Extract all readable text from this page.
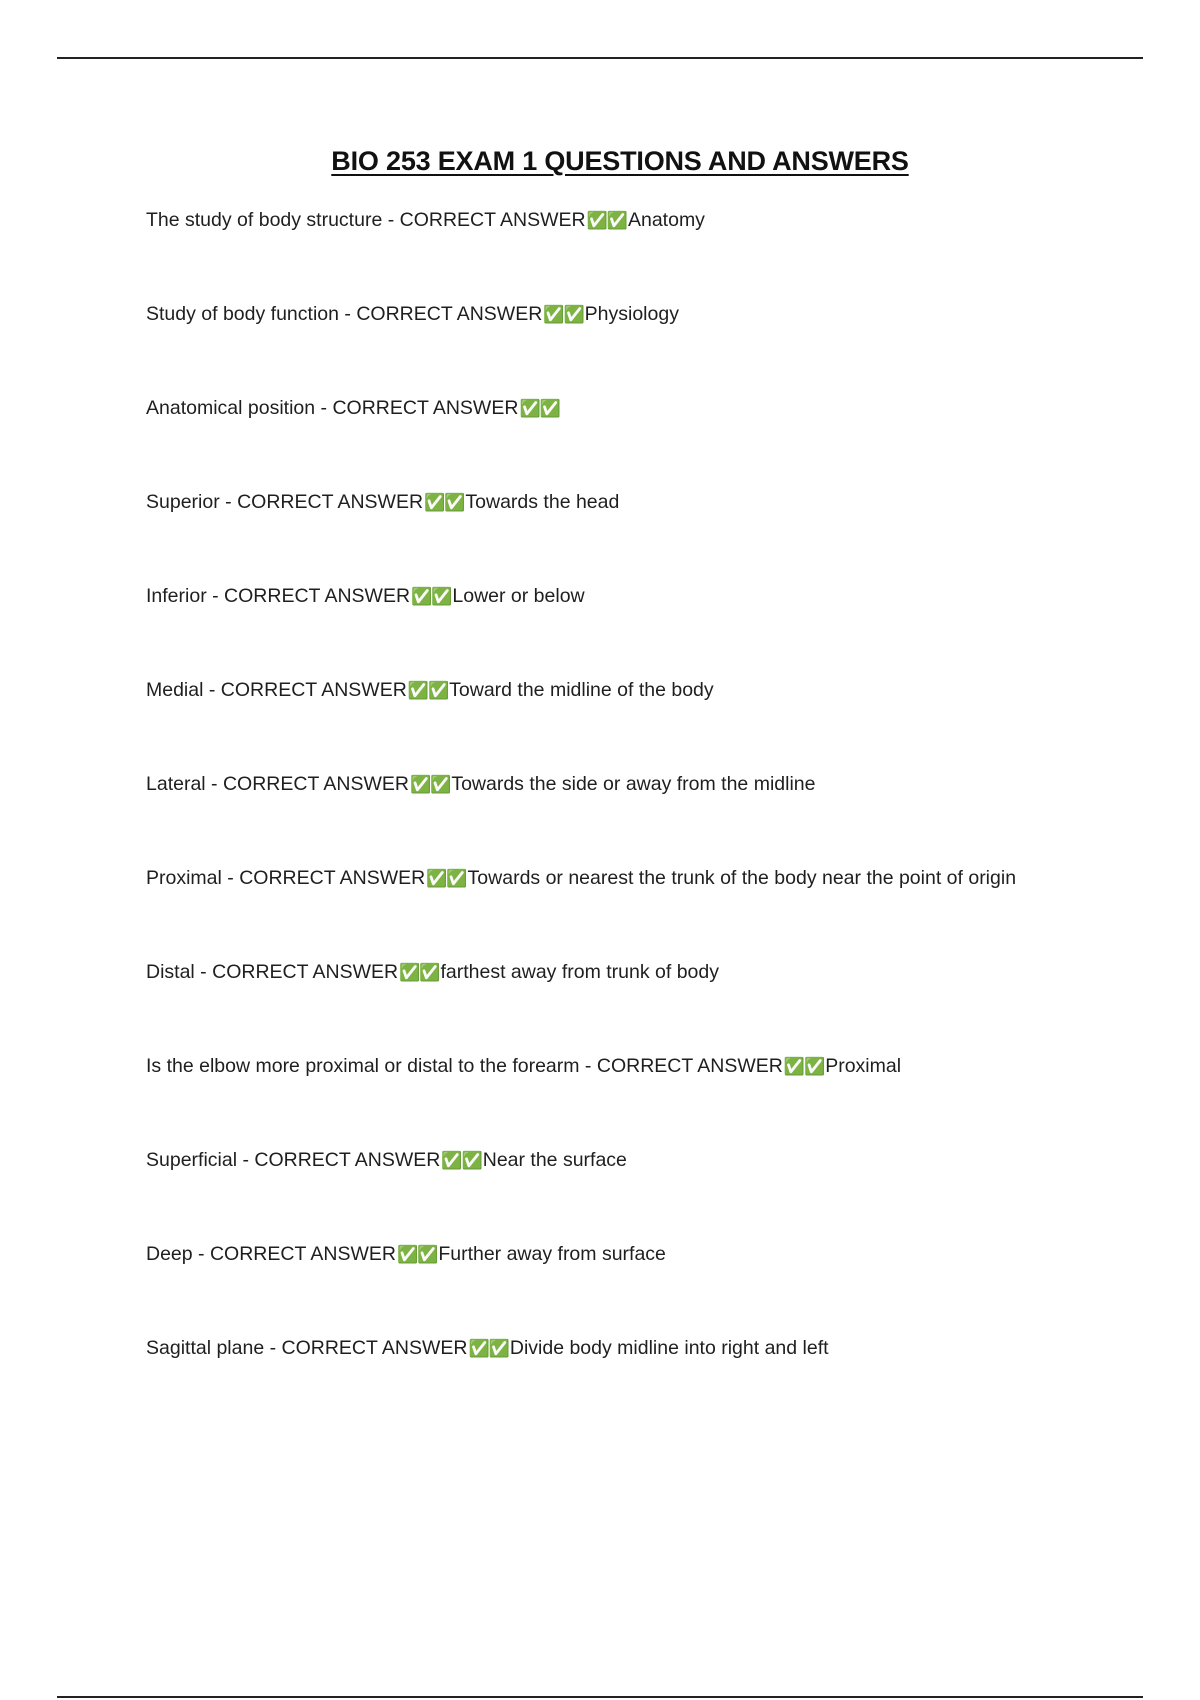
BIO 253 EXAM 1 QUESTIONS AND ANSWERS
The study of body structure - CORRECT ANSWER✅✅Anatomy
Study of body function - CORRECT ANSWER✅✅Physiology
Anatomical position - CORRECT ANSWER✅✅
Superior - CORRECT ANSWER✅✅Towards the head
Inferior - CORRECT ANSWER✅✅Lower or below
Medial - CORRECT ANSWER✅✅Toward the midline of the body
Lateral - CORRECT ANSWER✅✅Towards the side or away from the midline
Proximal - CORRECT ANSWER✅✅Towards or nearest the trunk of the body near the point of origin
Distal - CORRECT ANSWER✅✅farthest away from trunk of body
Is the elbow more proximal or distal to the forearm - CORRECT ANSWER✅✅Proximal
Superficial - CORRECT ANSWER✅✅Near the surface
Deep - CORRECT ANSWER✅✅Further away from surface
Sagittal plane - CORRECT ANSWER✅✅Divide body midline into right and left
